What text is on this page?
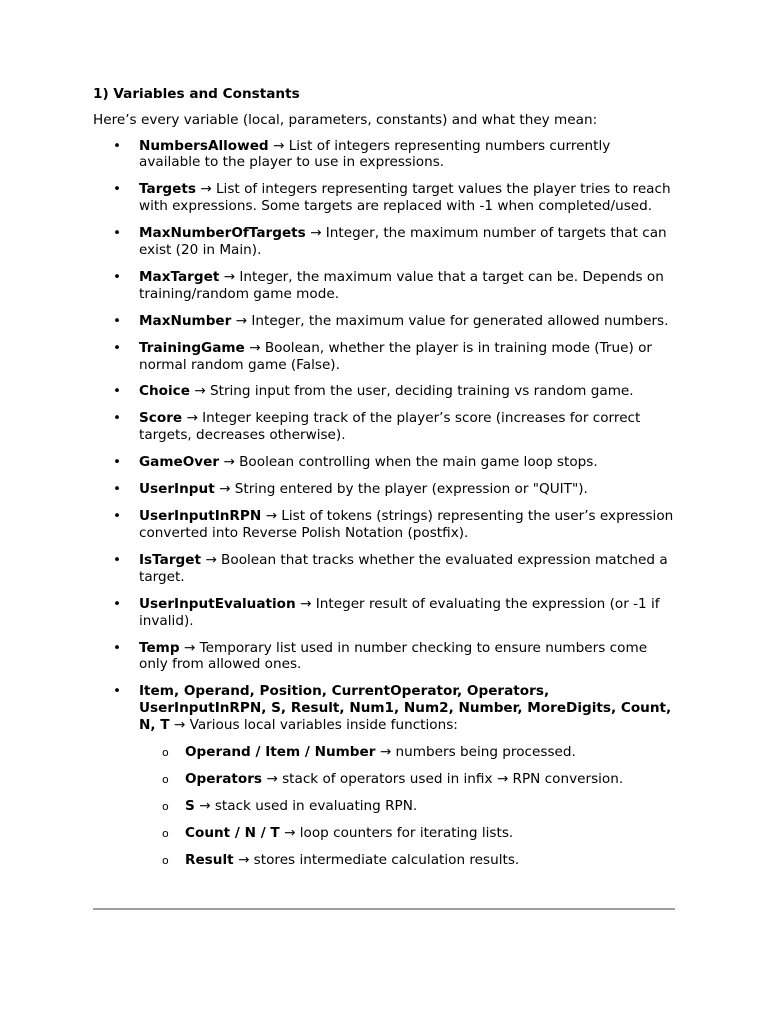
1) Variables and Constants

Here’s every variable (local, parameters, constants) and what they mean:

• NumbersAllowed → List of integers representing numbers currently available to the player to use in expressions.
• Targets → List of integers representing target values the player tries to reach with expressions. Some targets are replaced with -1 when completed/used.
• MaxNumberOfTargets → Integer, the maximum number of targets that can exist (20 in Main).
• MaxTarget → Integer, the maximum value that a target can be. Depends on training/random game mode.
• MaxNumber → Integer, the maximum value for generated allowed numbers.
• TrainingGame → Boolean, whether the player is in training mode (True) or normal random game (False).
• Choice → String input from the user, deciding training vs random game.
• Score → Integer keeping track of the player’s score (increases for correct targets, decreases otherwise).
• GameOver → Boolean controlling when the main game loop stops.
• UserInput → String entered by the player (expression or "QUIT").
• UserInputInRPN → List of tokens (strings) representing the user’s expression converted into Reverse Polish Notation (postfix).
• IsTarget → Boolean that tracks whether the evaluated expression matched a target.
• UserInputEvaluation → Integer result of evaluating the expression (or -1 if invalid).
• Temp → Temporary list used in number checking to ensure numbers come only from allowed ones.
• Item, Operand, Position, CurrentOperator, Operators, UserInputInRPN, S, Result, Num1, Num2, Number, MoreDigits, Count, N, T → Various local variables inside functions:
o Operand / Item / Number → numbers being processed.
o Operators → stack of operators used in infix → RPN conversion.
o S → stack used in evaluating RPN.
o Count / N / T → loop counters for iterating lists.
o Result → stores intermediate calculation results.
